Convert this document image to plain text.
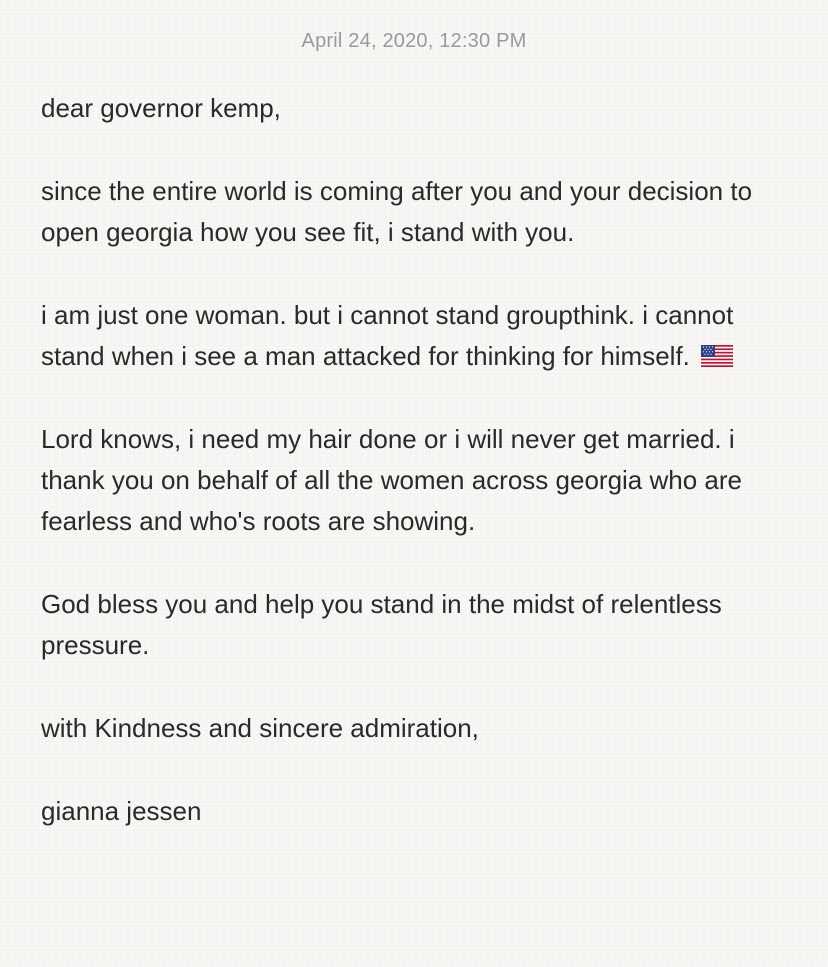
April 24, 2020, 12:30 PM

dear governor kemp,

since the entire world is coming after you and your decision to open georgia how you see fit, i stand with you.

i am just one woman. but i cannot stand groupthink. i cannot stand when i see a man attacked for thinking for himself.

Lord knows, i need my hair done or i will never get married. i thank you on behalf of all the women across georgia who are fearless and who's roots are showing.

God bless you and help you stand in the midst of relentless pressure.

with Kindness and sincere admiration,

gianna jessen
